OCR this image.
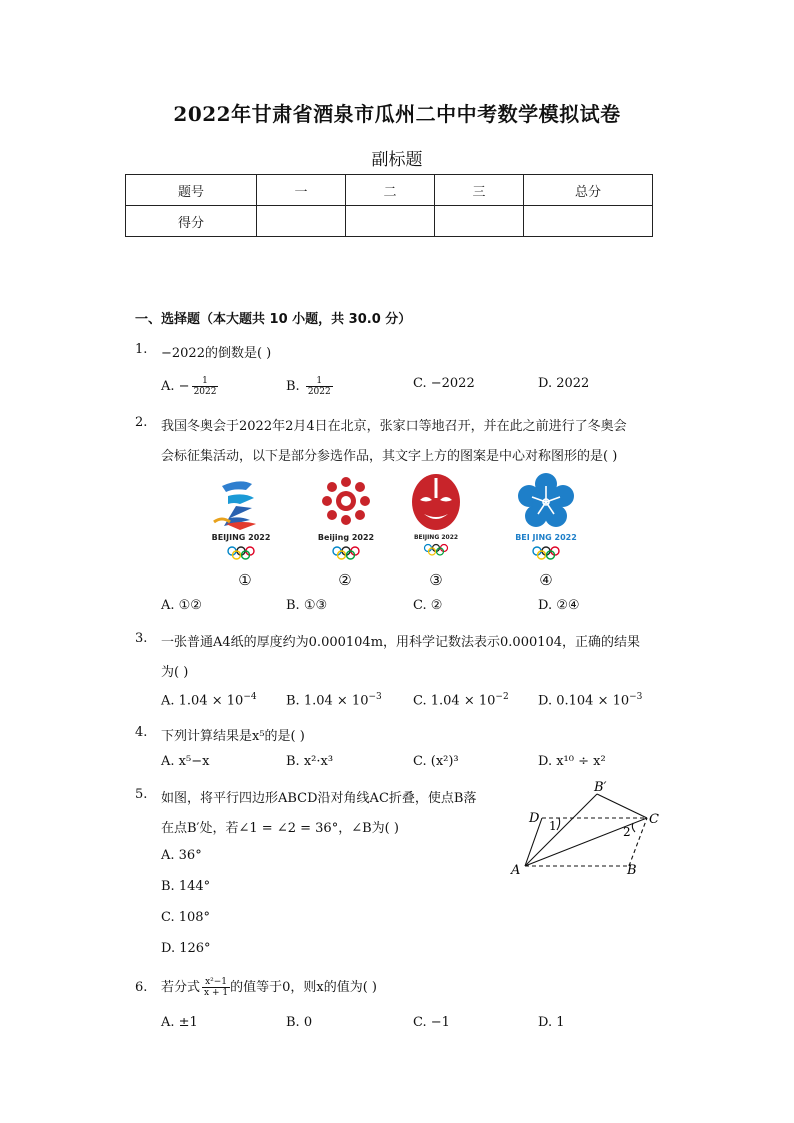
2022年甘肃省酒泉市瓜州二中中考数学模拟试卷
副标题
题号	一	二	三	总分
得分				
一、选择题（本大题共 10 小题，共 30.0 分）
1. −2022的倒数是( )
A. − $\frac{1}{2022}$	B. $\frac{1}{2022}$	C. −2022	D. 2022
2. 我国冬奥会于2022年2月4日在北京，张家口等地召开，并在此之前进行了冬奥会
会标征集活动，以下是部分参选作品，其文字上方的图案是中心对称图形的是( )
BEIJING 2022	Beijing 2022	BEIJING 2022	BEI JING 2022
①	②	③	④
A. ①②	B. ①③	C. ②	D. ②④
3. 一张普通A4纸的厚度约为0.000104m，用科学记数法表示0.000104，正确的结果
为( )
A. $1.04 \times 10^{-4}$ B. $1.04 \times 10^{-3}$ C. $1.04 \times 10^{-2}$ D. $0.104 \times 10^{-3}$
4. 下列计算结果是x⁵的是( )
A. x⁵−x	B. x²·x³	C. (x²)³	D. x¹⁰ ÷ x²
5. 如图，将平行四边形ABCD沿对角线AC折叠，使点B落
在点B′处，若∠1 = ∠2 = 36°，∠B为( )
A. 36°
B. 144°
C. 108°
D. 126°
B′
D 1	C
2
A	B
6. 若分式 $\frac{\text{x²−1}}{x + 1}$ 的值等于0，则x的值为( )
A. ±1	B. 0	C. −1	D. 1
